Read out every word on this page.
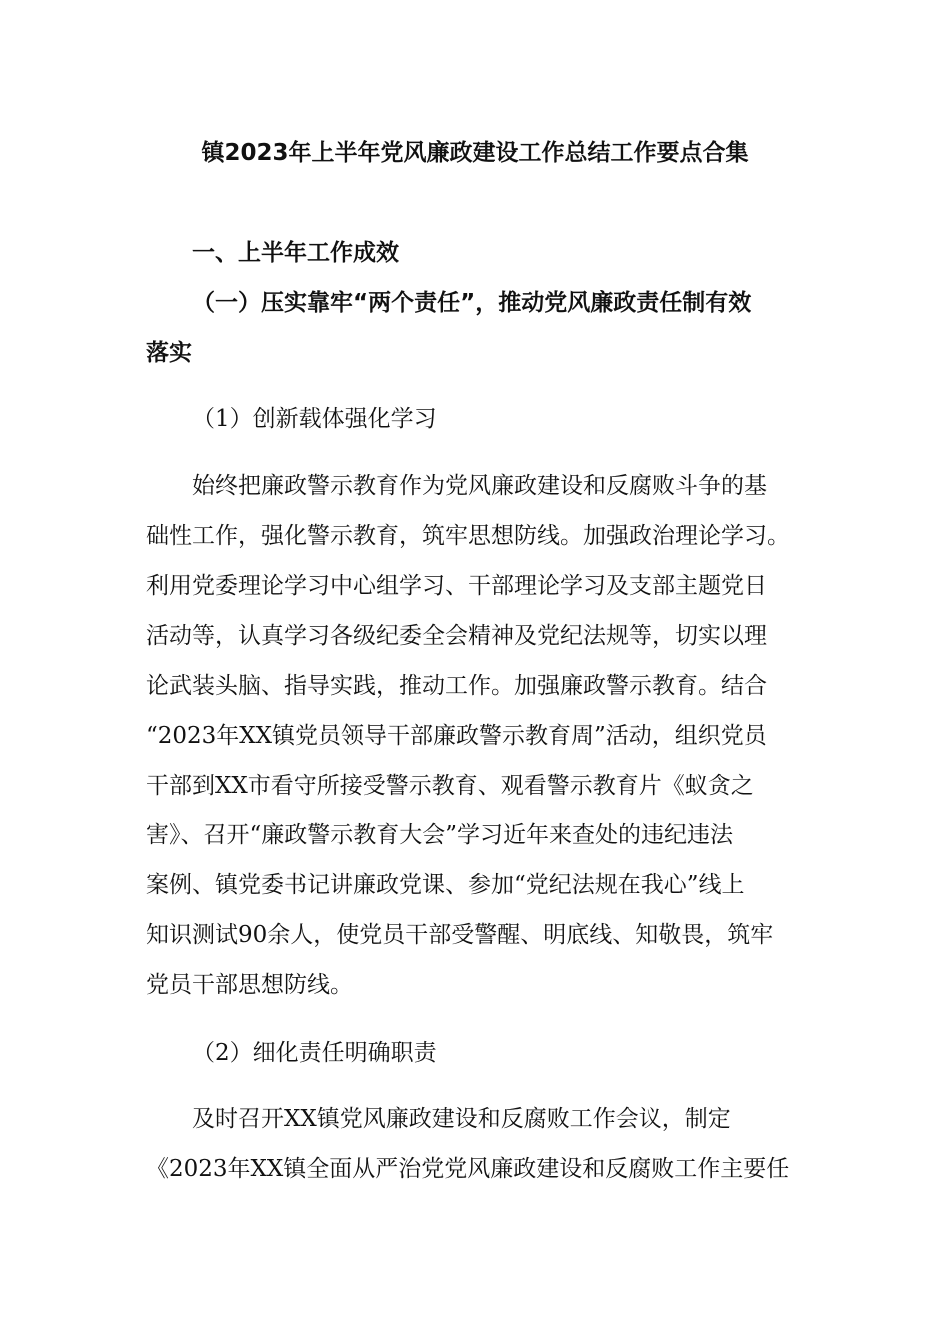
镇2023年上半年党风廉政建设工作总结工作要点合集
一、上半年工作成效
（一）压实靠牢“两个责任”，推动党风廉政责任制有效
落实
（1）创新载体强化学习
始终把廉政警示教育作为党风廉政建设和反腐败斗争的基
础性工作，强化警示教育，筑牢思想防线。加强政治理论学习。
利用党委理论学习中心组学习、干部理论学习及支部主题党日
活动等，认真学习各级纪委全会精神及党纪法规等，切实以理
论武装头脑、指导实践，推动工作。加强廉政警示教育。结合
“2023年XX镇党员领导干部廉政警示教育周”活动，组织党员
干部到XX市看守所接受警示教育、观看警示教育片《蚁贪之
害》、召开“廉政警示教育大会”学习近年来查处的违纪违法
案例、镇党委书记讲廉政党课、参加“党纪法规在我心”线上
知识测试90余人，使党员干部受警醒、明底线、知敬畏，筑牢
党员干部思想防线。
（2）细化责任明确职责
及时召开XX镇党风廉政建设和反腐败工作会议，制定
《2023年XX镇全面从严治党党风廉政建设和反腐败工作主要任
